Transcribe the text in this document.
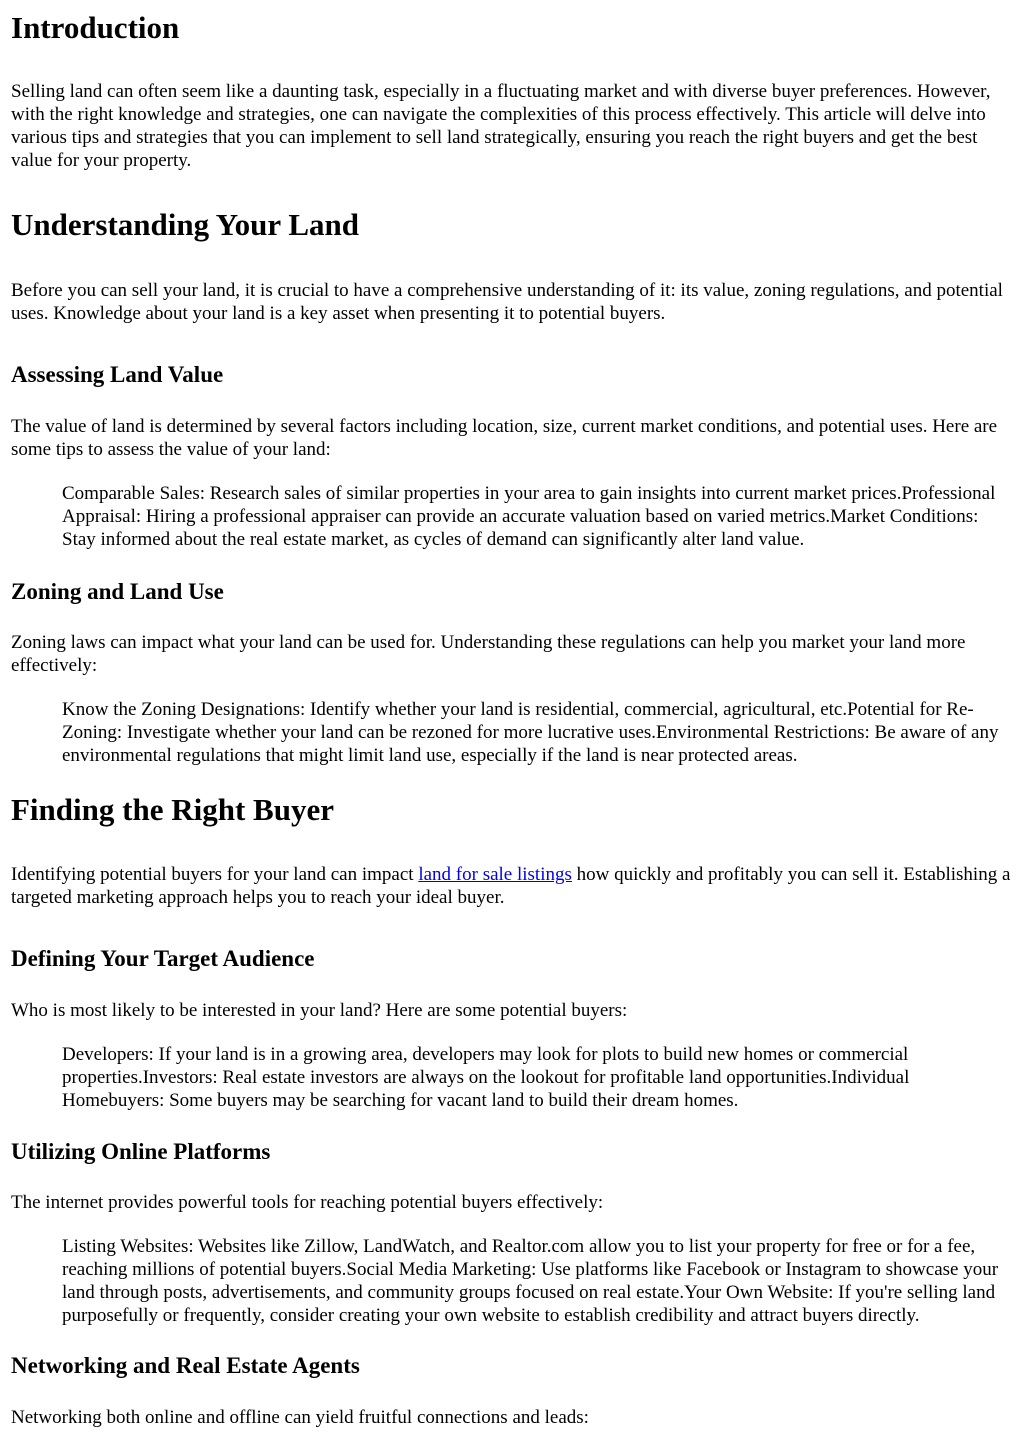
Introduction

Selling land can often seem like a daunting task, especially in a fluctuating market and with diverse buyer preferences. However, with the right knowledge and strategies, one can navigate the complexities of this process effectively. This article will delve into various tips and strategies that you can implement to sell land strategically, ensuring you reach the right buyers and get the best value for your property.

Understanding Your Land

Before you can sell your land, it is crucial to have a comprehensive understanding of it: its value, zoning regulations, and potential uses. Knowledge about your land is a key asset when presenting it to potential buyers.

Assessing Land Value

The value of land is determined by several factors including location, size, current market conditions, and potential uses. Here are some tips to assess the value of your land:

Comparable Sales: Research sales of similar properties in your area to gain insights into current market prices.Professional Appraisal: Hiring a professional appraiser can provide an accurate valuation based on varied metrics.Market Conditions: Stay informed about the real estate market, as cycles of demand can significantly alter land value.
Zoning and Land Use

Zoning laws can impact what your land can be used for. Understanding these regulations can help you market your land more effectively:

Know the Zoning Designations: Identify whether your land is residential, commercial, agricultural, etc.Potential for Re-Zoning: Investigate whether your land can be rezoned for more lucrative uses.Environmental Restrictions: Be aware of any environmental regulations that might limit land use, especially if the land is near protected areas.
Finding the Right Buyer

Identifying potential buyers for your land can impact land for sale listings how quickly and profitably you can sell it. Establishing a targeted marketing approach helps you to reach your ideal buyer.

Defining Your Target Audience

Who is most likely to be interested in your land? Here are some potential buyers:

Developers: If your land is in a growing area, developers may look for plots to build new homes or commercial properties.Investors: Real estate investors are always on the lookout for profitable land opportunities.Individual Homebuyers: Some buyers may be searching for vacant land to build their dream homes.
Utilizing Online Platforms

The internet provides powerful tools for reaching potential buyers effectively:

Listing Websites: Websites like Zillow, LandWatch, and Realtor.com allow you to list your property for free or for a fee, reaching millions of potential buyers.Social Media Marketing: Use platforms like Facebook or Instagram to showcase your land through posts, advertisements, and community groups focused on real estate.Your Own Website: If you're selling land purposefully or frequently, consider creating your own website to establish credibility and attract buyers directly.
Networking and Real Estate Agents

Networking both online and offline can yield fruitful connections and leads:
